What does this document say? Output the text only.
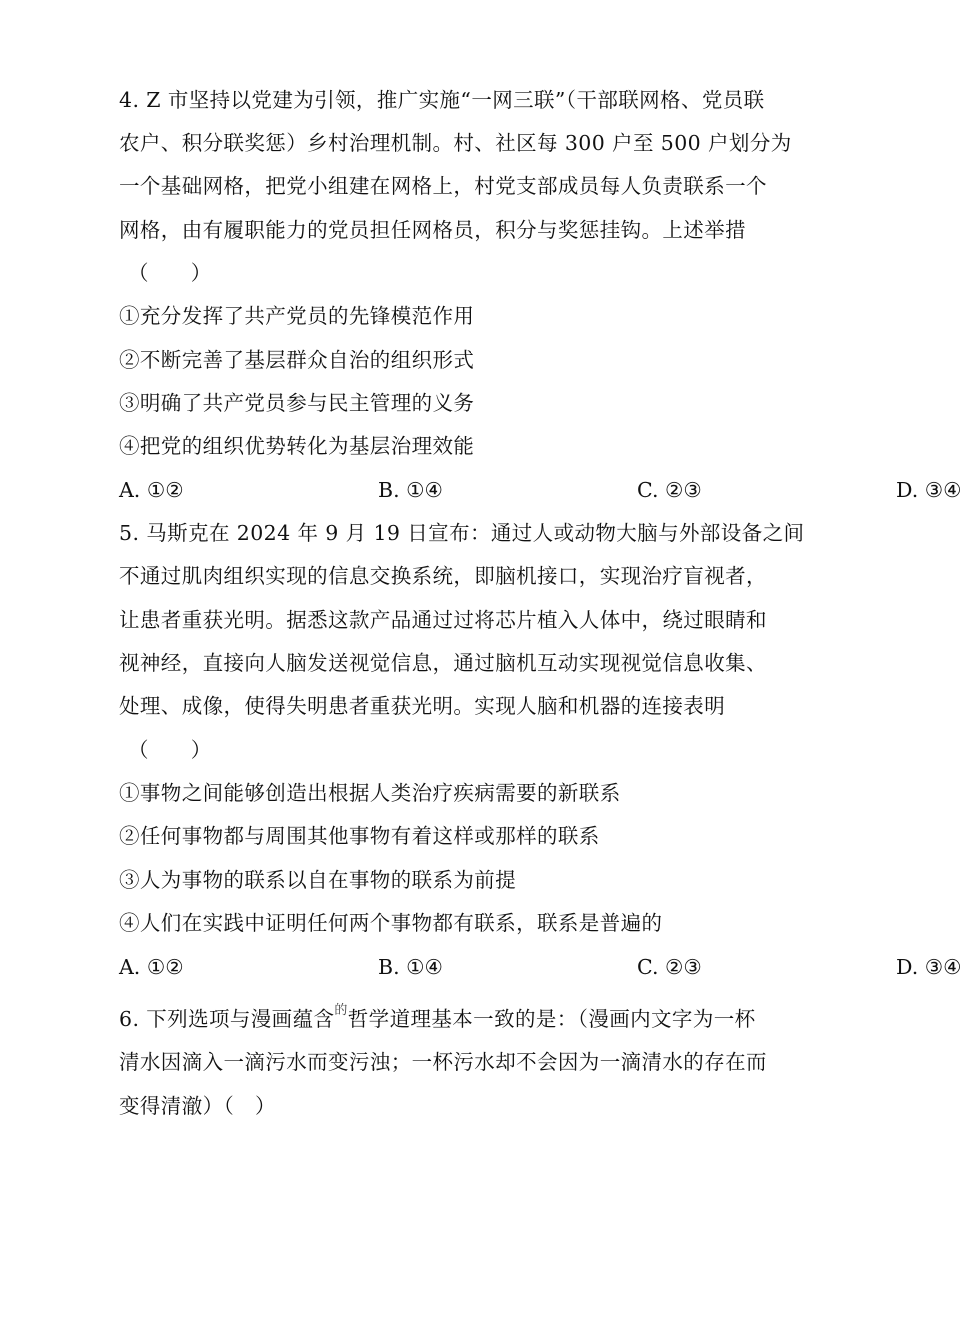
4. Z 市坚持以党建为引领，推广实施“一网三联”（干部联网格、党员联
农户、积分联奖惩）乡村治理机制。村、社区每 300 户至 500 户划分为
一个基础网格，把党小组建在网格上，村党支部成员每人负责联系一个
网格，由有履职能力的党员担任网格员，积分与奖惩挂钩。上述举措
（　　）
①充分发挥了共产党员的先锋模范作用
②不断完善了基层群众自治的组织形式
③明确了共产党员参与民主管理的义务
④把党的组织优势转化为基层治理效能
A. ①②	B. ①④	C. ②③	D. ③④
5. 马斯克在 2024 年 9 月 19 日宣布：通过人或动物大脑与外部设备之间
不通过肌肉组织实现的信息交换系统，即脑机接口，实现治疗盲视者，
让患者重获光明。据悉这款产品通过过将芯片植入人体中，绕过眼睛和
视神经，直接向人脑发送视觉信息，通过脑机互动实现视觉信息收集、
处理、成像，使得失明患者重获光明。实现人脑和机器的连接表明
（　　）
①事物之间能够创造出根据人类治疗疾病需要的新联系
②任何事物都与周围其他事物有着这样或那样的联系
③人为事物的联系以自在事物的联系为前提
④人们在实践中证明任何两个事物都有联系，联系是普遍的
A. ①②	B. ①④	C. ②③	D. ③④
6. 下列选项与漫画蕴含$^的$哲学道理基本一致的是：（漫画内文字为一杯
清水因滴入一滴污水而变污浊；一杯污水却不会因为一滴清水的存在而
变得清澈）（　）
